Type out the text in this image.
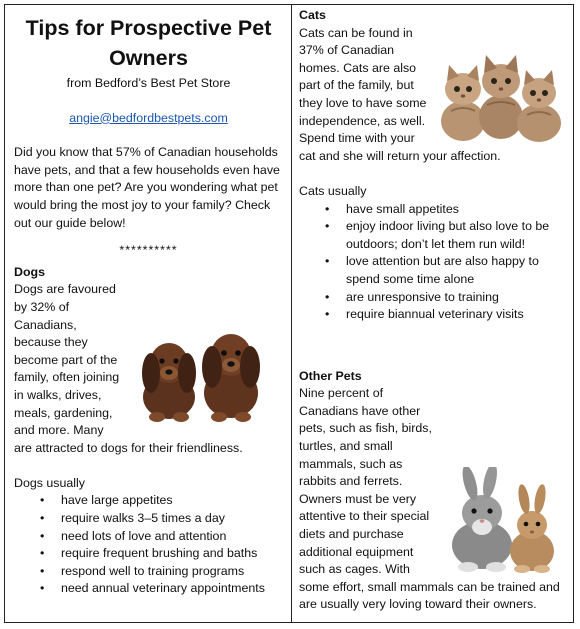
Tips for Prospective Pet Owners
from Bedford’s Best Pet Store
angie@bedfordbestpets.com

Did you know that 57% of Canadian households have pets, and that a few households even have more than one pet? Are you wondering what pet would bring the most joy to your family? Check out our guide below!

**********
Dogs

Dogs are favoured by 32% of Canadians, because they become part of the family, often joining in walks, drives, meals, gardening, and more. Many are attracted to dogs for their friendliness.

Dogs usually

• have large appetites
• require walks 3–5 times a day
• need lots of love and attention
• require frequent brushing and baths
• respond well to training programs
• need annual veterinary appointments
Cats

Cats can be found in 37% of Canadian homes. Cats are also part of the family, but they love to have some independence, as well. Spend time with your cat and she will return your affection.

Cats usually

• have small appetites
• enjoy indoor living but also love to be outdoors; don’t let them run wild!
• love attention but are also happy to spend some time alone
• are unresponsive to training
• require biannual veterinary visits
Other Pets

Nine percent of Canadians have other pets, such as fish, birds, turtles, and small mammals, such as rabbits and ferrets. Owners must be very attentive to their special diets and purchase additional equipment such as cages. With some effort, small mammals can be trained and are usually very loving toward their owners.
